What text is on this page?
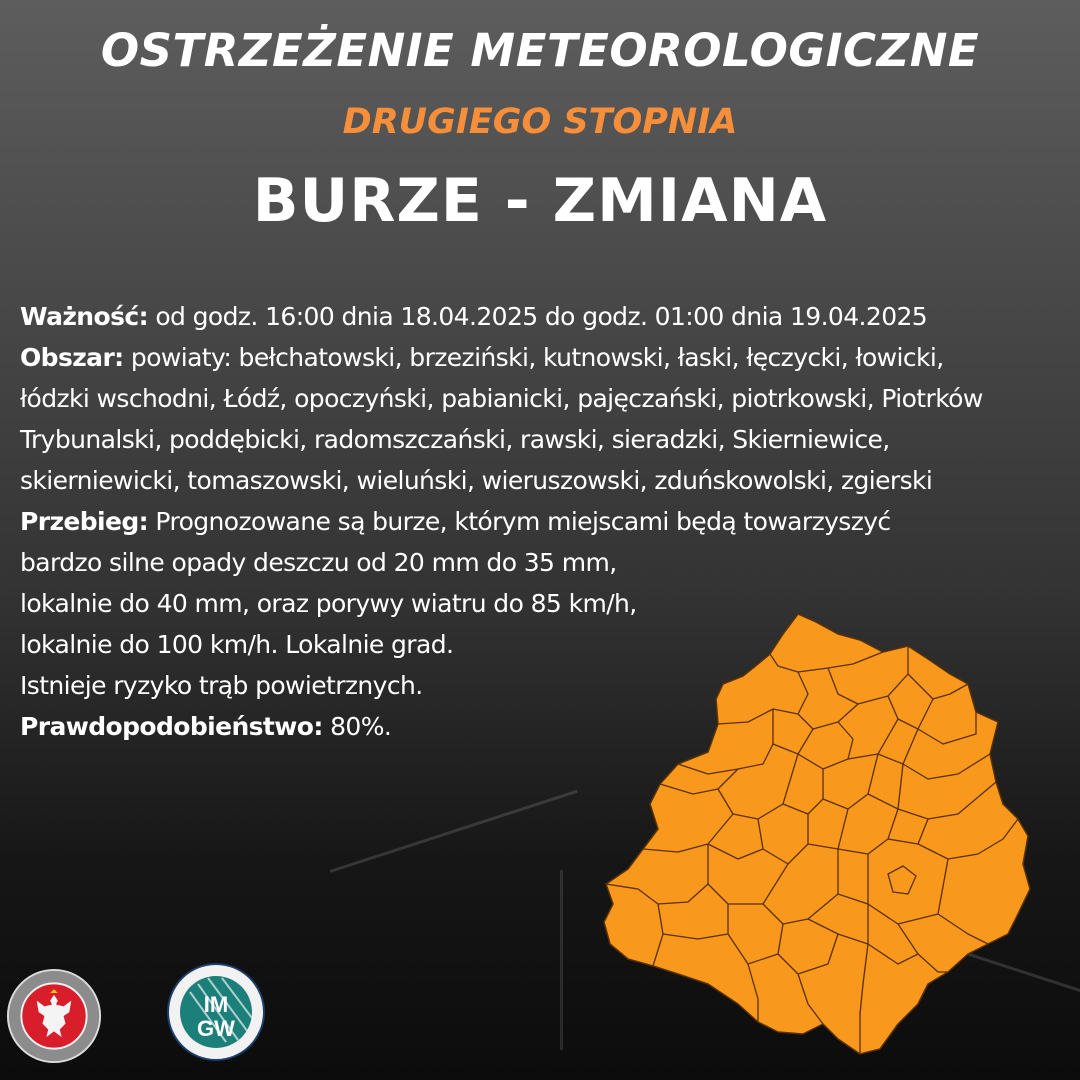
OSTRZEŻENIE METEOROLOGICZNE
DRUGIEGO STOPNIA
BURZE - ZMIANA

Ważność: od godz. 16:00 dnia 18.04.2025 do godz. 01:00 dnia 19.04.2025

Obszar: powiaty: bełchatowski, brzeziński, kutnowski, łaski, łęczycki, łowicki, łódzki wschodni, Łódź, opoczyński, pabianicki, pajęczański, piotrkowski, Piotrków Trybunalski, poddębicki, radomszczański, rawski, sieradzki, Skierniewice, skierniewicki, tomaszowski, wieluński, wieruszowski, zduńskowolski, zgierski

Przebieg: Prognozowane są burze, którym miejscami będą towarzyszyć

bardzo silne opady deszczu od 20 mm do 35 mm,

lokalnie do 40 mm, oraz porywy wiatru do 85 km/h,

lokalnie do 100 km/h. Lokalnie grad.

Istnieje ryzyko trąb powietrznych.

Prawdopodobieństwo: 80%.

IM
GW
